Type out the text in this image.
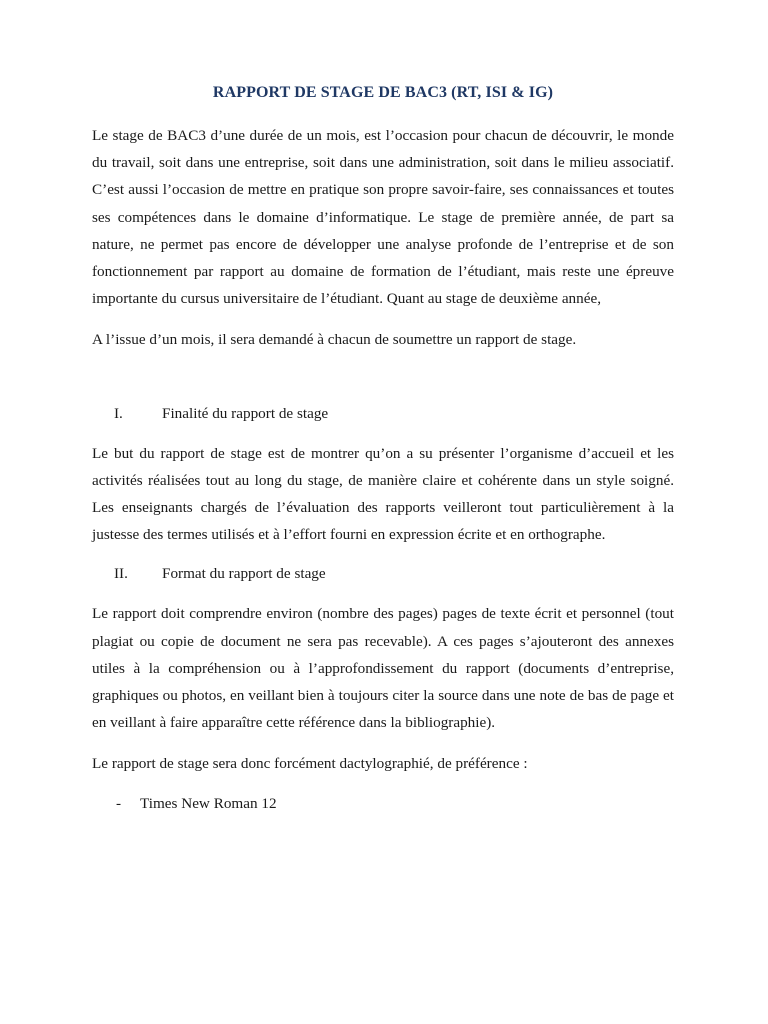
RAPPORT DE STAGE DE BAC3 (RT, ISI & IG)

Le stage de BAC3 d’une durée de un mois, est l’occasion pour chacun de découvrir, le monde du travail, soit dans une entreprise, soit dans une administration, soit dans le milieu associatif. C’est aussi l’occasion de mettre en pratique son propre savoir-faire, ses connaissances et toutes ses compétences dans le domaine d’informatique. Le stage de première année, de part sa nature, ne permet pas encore de développer une analyse profonde de l’entreprise et de son fonctionnement par rapport au domaine de formation de l’étudiant, mais reste une épreuve importante du cursus universitaire de l’étudiant. Quant au stage de deuxième année,

A l’issue d’un mois, il sera demandé à chacun de soumettre un rapport de stage.

I.	Finalité du rapport de stage

Le but du rapport de stage est de montrer qu’on a su présenter l’organisme d’accueil et les activités réalisées tout au long du stage, de manière claire et cohérente dans un style soigné. Les enseignants chargés de l’évaluation des rapports veilleront tout particulièrement à la justesse des termes utilisés et à l’effort fourni en expression écrite et en orthographe.

II.	Format du rapport de stage

Le rapport doit comprendre environ (nombre des pages) pages de texte écrit et personnel (tout plagiat ou copie de document ne sera pas recevable). A ces pages s’ajouteront des annexes utiles à la compréhension ou à l’approfondissement du rapport (documents d’entreprise, graphiques ou photos, en veillant bien à toujours citer la source dans une note de bas de page et en veillant à faire apparaître cette référence dans la bibliographie).

Le rapport de stage sera donc forcément dactylographié, de préférence :

-	Times New Roman 12
